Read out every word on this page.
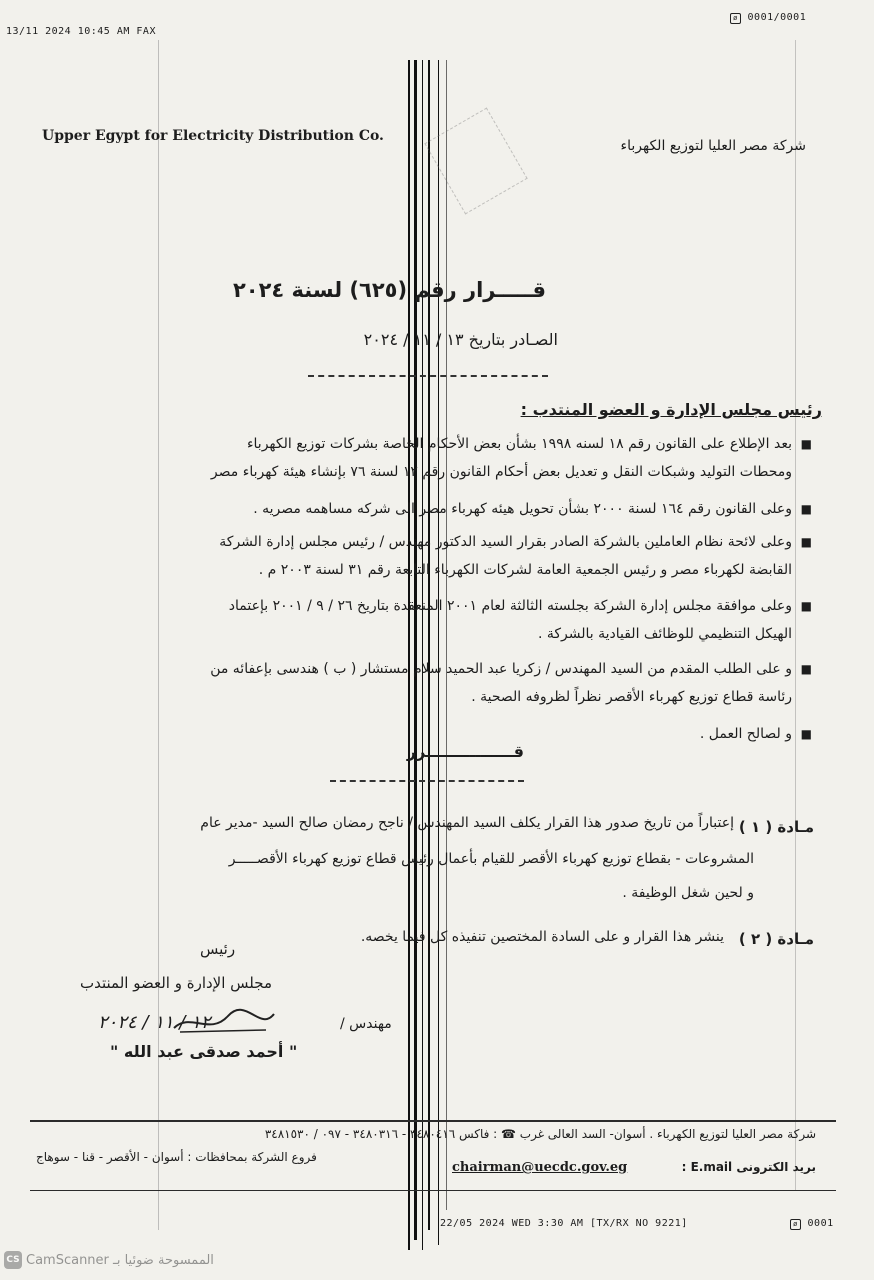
13/11 2024 10:45 AM FAX
ø 0001/0001
Upper Egypt for Electricity Distribution Co.
شركة مصر العليا لتوزيع الكهرباء
قـــــرار رقم (٦٢٥) لسنة ٢٠٢٤
الصـادر بتاريخ ١٣ / ١١ / ٢٠٢٤
رئيس مجلس الإدارة و العضو المنتدب :
■
بعد الإطلاع على القانون رقم ١٨ لسنه ١٩٩٨ بشأن بعض الأحكام الخاصة بشركات توزيع الكهرباء
ومحطات التوليد وشبكات النقل و تعديل بعض أحكام القانون رقم ١٢ لسنة ٧٦ بإنشاء هيئة كهرباء مصر
■
وعلى القانون رقم ١٦٤ لسنة ٢٠٠٠ بشأن تحويل هيئه كهرباء مصر الى شركه مساهمه مصريه .
■
وعلى لائحة نظام العاملين بالشركة الصادر بقرار السيد الدكتور مهندس / رئيس مجلس إدارة الشركة
القابضة لكهرباء مصر و رئيس الجمعية العامة لشركات الكهرباء التابعة رقم ٣١ لسنة ٢٠٠٣ م .
■
وعلى موافقة مجلس إدارة الشركة بجلسته الثالثة لعام ٢٠٠١ المنعقدة بتاريخ ٢٦ / ٩ / ٢٠٠١ بإعتماد
الهيكل التنظيمي للوظائف القيادية بالشركة .
■
و على الطلب المقدم من السيد المهندس / زكريا عبد الحميد سلام مستشار ( ب ) هندسى بإعفائه من
رئاسة قطاع توزيع كهرباء الأقصر نظراً لظروفه الصحية .
■
و لصالح العمل .
قــــــــــــــــرر
مـادة ( ١ )
إعتباراً من تاريخ صدور هذا القرار يكلف السيد المهندس / ناجح رمضان صالح السيد -مدير عام
المشروعات - بقطاع توزيع كهرباء الأقصر للقيام بأعمال رئيس قطاع توزيع كهرباء الأقصـــــر
و لحين شغل الوظيفة .
مـادة ( ٢ )
ينشر هذا القرار و على السادة المختصين تنفيذه كل فيما يخصه.
رئيس
مجلس الإدارة و العضو المنتدب
مهندس /
١٢ / ١١ / ٢٠٢٤
" أحمد صدقى عبد الله "
شركة مصر العليا لتوزيع الكهرباء . أسوان- السد العالى غرب ☎ : فاكس ٣٤٨٠٤١٦ - ٣٤٨٠٣١٦ - ٠٩٧ / ٣٤٨١٥٣٠
فروع الشركة بمحافظات : أسوان - الأقصر - قنا - سوهاج
بريد الكترونى E.mail :
chairman@uecdc.gov.eg
22/05 2024 WED 3:30 AM [TX/RX NO 9221]	ø 0001
CS CamScanner الممسوحة ضوئيا بـ
